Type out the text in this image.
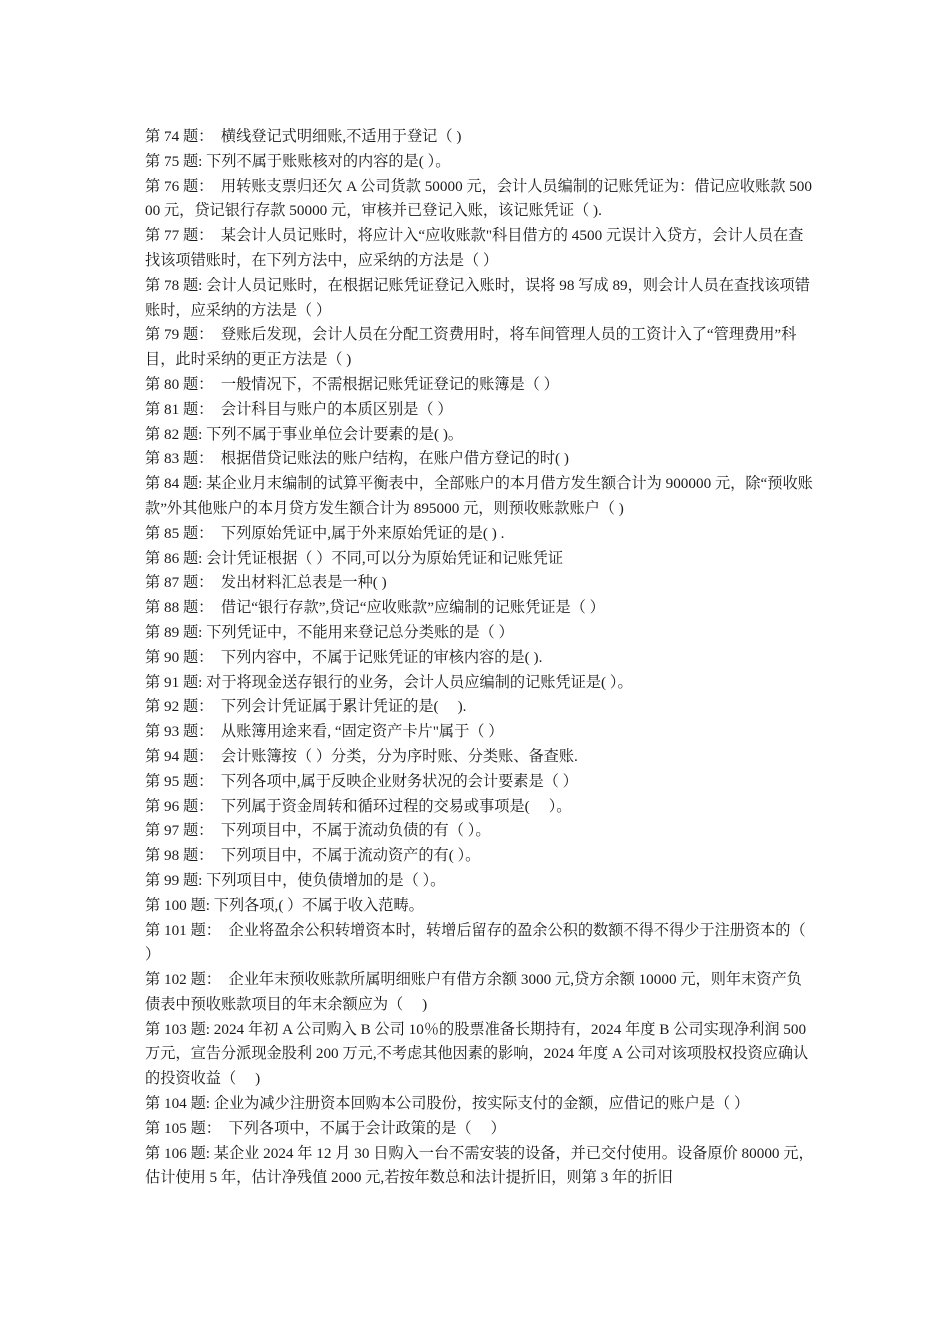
第 74 题：　横线登记式明细账,不适用于登记（ )

第 75 题: 下列不属于账账核对的内容的是( ）。

第 76 题：　用转账支票归还欠 A 公司货款 50000 元，会计人员编制的记账凭证为：借记应收账款 50000 元，贷记银行存款 50000 元，审核并已登记入账，该记账凭证（ ).

第 77 题：　某会计人员记账时，将应计入“应收账款"科目借方的 4500 元误计入贷方，会计人员在查找该项错账时，在下列方法中，应采纳的方法是（ ）

第 78 题: 会计人员记账时，在根据记账凭证登记入账时，误将 98 写成 89，则会计人员在查找该项错账时，应采纳的方法是（ ）

第 79 题：　登账后发现，会计人员在分配工资费用时，将车间管理人员的工资计入了“管理费用”科目，此时采纳的更正方法是（ )

第 80 题：　一般情况下，不需根据记账凭证登记的账簿是（ ）

第 81 题：　会计科目与账户的本质区别是（ ）

第 82 题: 下列不属于事业单位会计要素的是( )。

第 83 题：　根据借贷记账法的账户结构，在账户借方登记的时( )

第 84 题: 某企业月末编制的试算平衡表中，全部账户的本月借方发生额合计为 900000 元，除“预收账款”外其他账户的本月贷方发生额合计为 895000 元，则预收账款账户（ )

第 85 题：　下列原始凭证中,属于外来原始凭证的是( ) .

第 86 题: 会计凭证根据（ ）不同,可以分为原始凭证和记账凭证

第 87 题：　发出材料汇总表是一种( )

第 88 题：　借记“银行存款”,贷记“应收账款”应编制的记账凭证是（ ）

第 89 题: 下列凭证中，不能用来登记总分类账的是（ ）

第 90 题：　下列内容中，不属于记账凭证的审核内容的是( ).

第 91 题: 对于将现金送存银行的业务，会计人员应编制的记账凭证是( ）。

第 92 题：　下列会计凭证属于累计凭证的是(　 ).

第 93 题：　从账簿用途来看, “固定资产卡片"属于（ ）

第 94 题：　会计账簿按（ ）分类，分为序时账、分类账、备查账.

第 95 题：　下列各项中,属于反映企业财务状况的会计要素是（ ）

第 96 题：　下列属于资金周转和循环过程的交易或事项是(　 ）。

第 97 题：　下列项目中，不属于流动负债的有（ ）。

第 98 题：　下列项目中，不属于流动资产的有( ）。

第 99 题: 下列项目中，使负债增加的是（ ）。

第 100 题: 下列各项,( ）不属于收入范畴。

第 101 题：　企业将盈余公积转增资本时，转增后留存的盈余公积的数额不得不得少于注册资本的（　 ）

第 102 题：　企业年末预收账款所属明细账户有借方余额 3000 元,贷方余额 10000 元，则年末资产负债表中预收账款项目的年末余额应为（　 )

第 103 题: 2024 年初 A 公司购入 B 公司 10％的股票准备长期持有，2024 年度 B 公司实现净利润 500 万元，宣告分派现金股利 200 万元,不考虑其他因素的影响，2024 年度 A 公司对该项股权投资应确认的投资收益（　 )

第 104 题: 企业为减少注册资本回购本公司股份，按实际支付的金额，应借记的账户是（ ）

第 105 题：　下列各项中，不属于会计政策的是（　 ）

第 106 题: 某企业 2024 年 12 月 30 日购入一台不需安装的设备，并已交付使用。设备原价 80000 元，估计使用 5 年，估计净残值 2000 元,若按年数总和法计提折旧，则第 3 年的折旧
